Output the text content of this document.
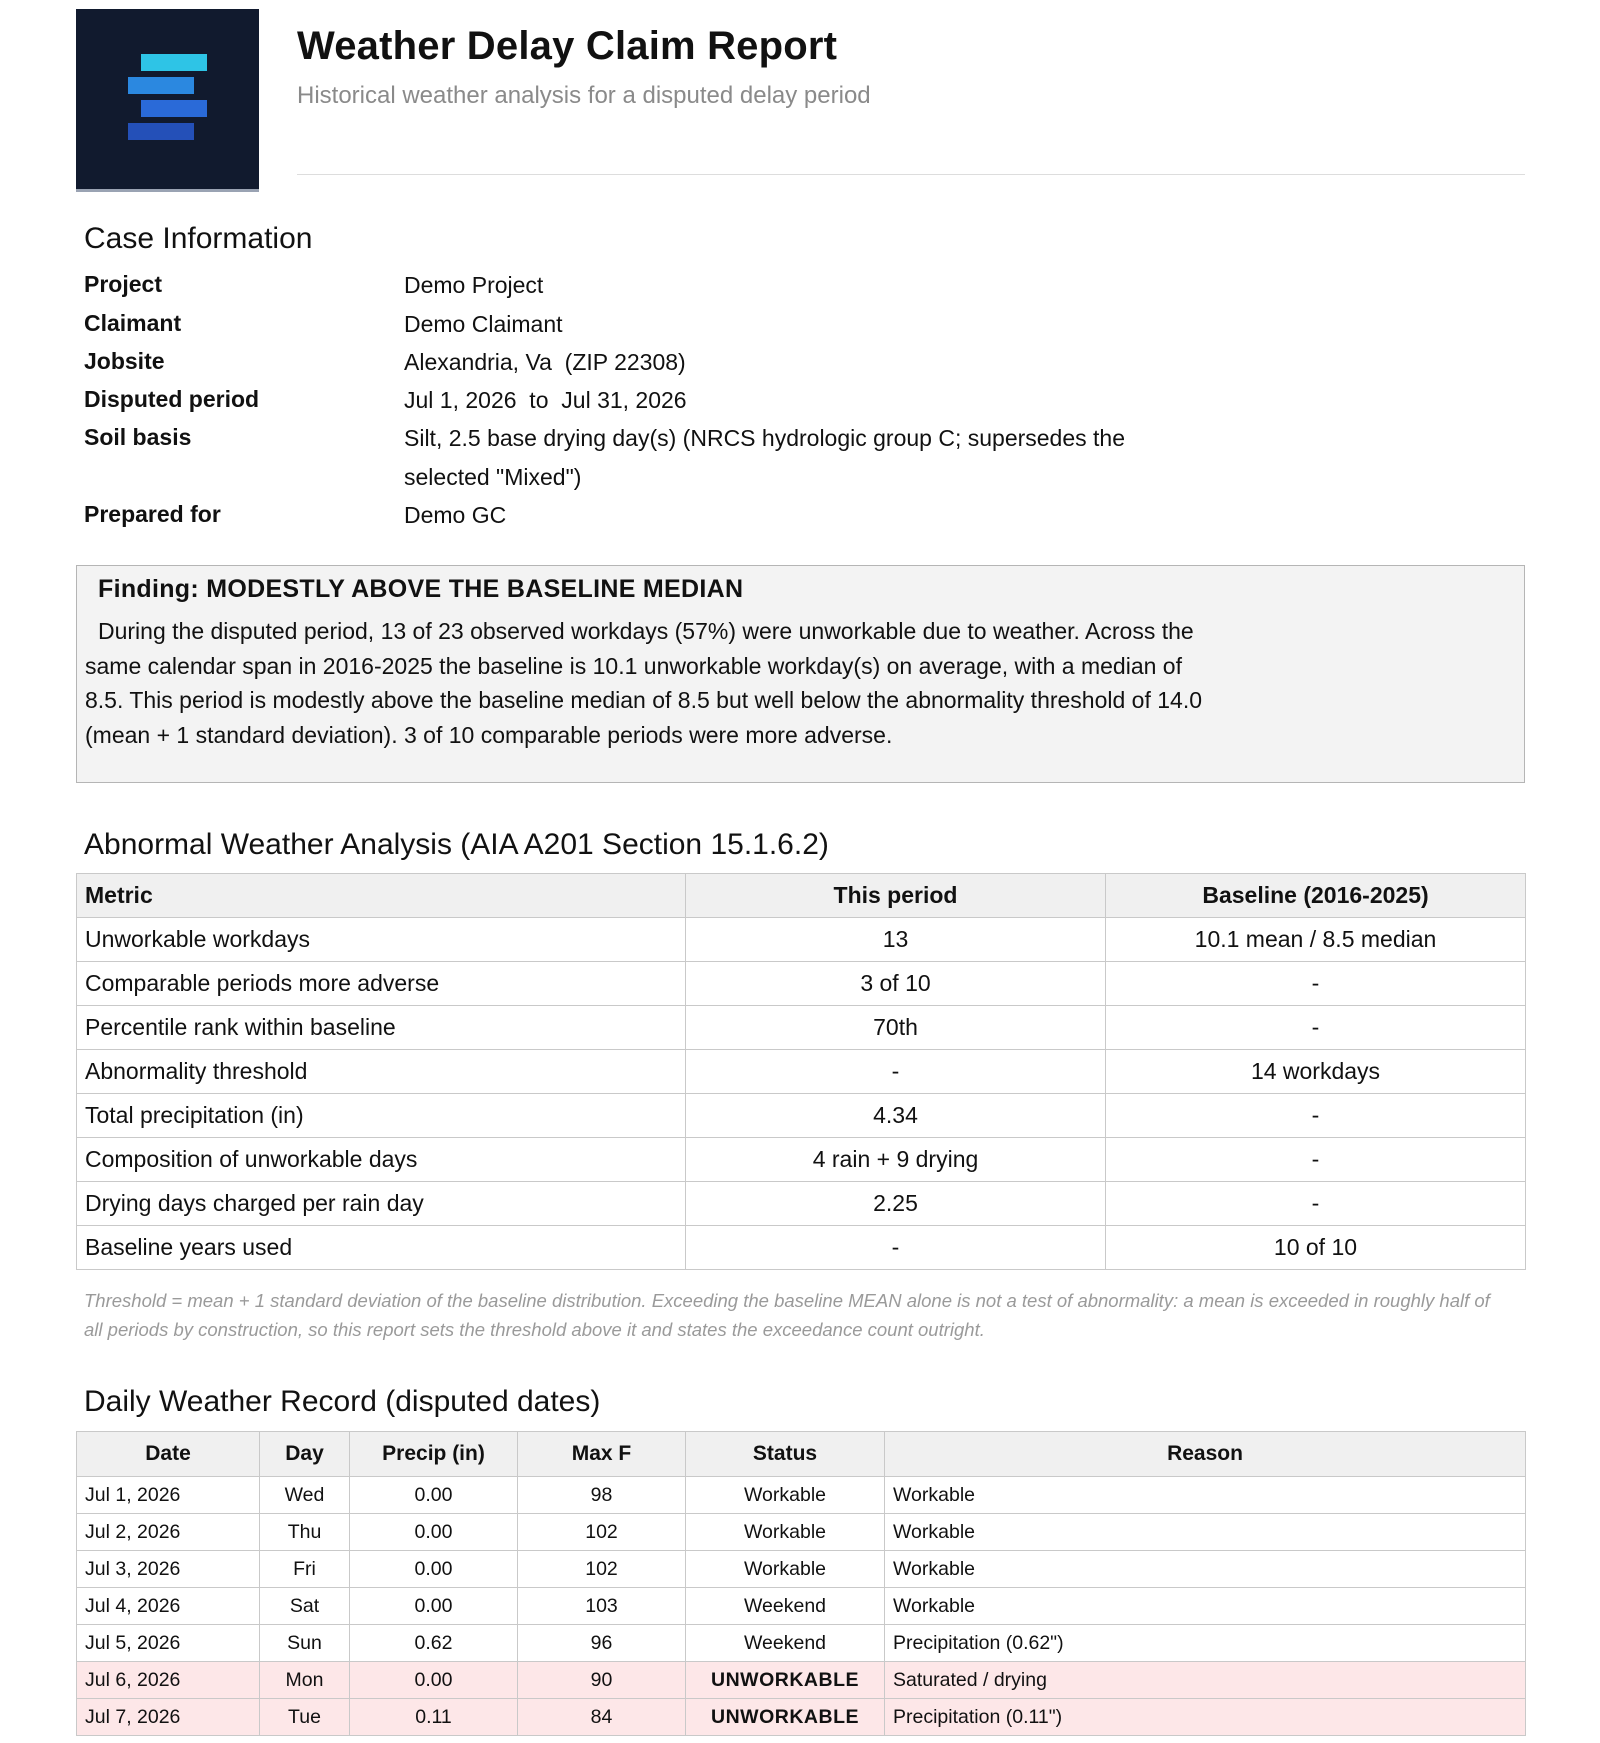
Weather Delay Claim Report
Historical weather analysis for a disputed delay period
Case Information
Project	Demo Project
Claimant	Demo Claimant
Jobsite	Alexandria, Va  (ZIP 22308)
Disputed period	Jul 1, 2026  to  Jul 31, 2026
Soil basis	Silt, 2.5 base drying day(s) (NRCS hydrologic group C; supersedes the selected "Mixed")
Prepared for	Demo GC
Finding: MODESTLY ABOVE THE BASELINE MEDIAN
During the disputed period, 13 of 23 observed workdays (57%) were unworkable due to weather. Across the same calendar span in 2016-2025 the baseline is 10.1 unworkable workday(s) on average, with a median of 8.5. This period is modestly above the baseline median of 8.5 but well below the abnormality threshold of 14.0 (mean + 1 standard deviation). 3 of 10 comparable periods were more adverse.
Abnormal Weather Analysis (AIA A201 Section 15.1.6.2)
Metric	This period	Baseline (2016-2025)
Unworkable workdays	13	10.1 mean / 8.5 median
Comparable periods more adverse	3 of 10	-
Percentile rank within baseline	70th	-
Abnormality threshold	-	14 workdays
Total precipitation (in)	4.34	-
Composition of unworkable days	4 rain + 9 drying	-
Drying days charged per rain day	2.25	-
Baseline years used	-	10 of 10
Threshold = mean + 1 standard deviation of the baseline distribution. Exceeding the baseline MEAN alone is not a test of abnormality: a mean is exceeded in roughly half of all periods by construction, so this report sets the threshold above it and states the exceedance count outright.
Daily Weather Record (disputed dates)
Date	Day	Precip (in)	Max F	Status	Reason
Jul 1, 2026	Wed	0.00	98	Workable	Workable
Jul 2, 2026	Thu	0.00	102	Workable	Workable
Jul 3, 2026	Fri	0.00	102	Workable	Workable
Jul 4, 2026	Sat	0.00	103	Weekend	Workable
Jul 5, 2026	Sun	0.62	96	Weekend	Precipitation (0.62")
Jul 6, 2026	Mon	0.00	90	UNWORKABLE	Saturated / drying
Jul 7, 2026	Tue	0.11	84	UNWORKABLE	Precipitation (0.11")
